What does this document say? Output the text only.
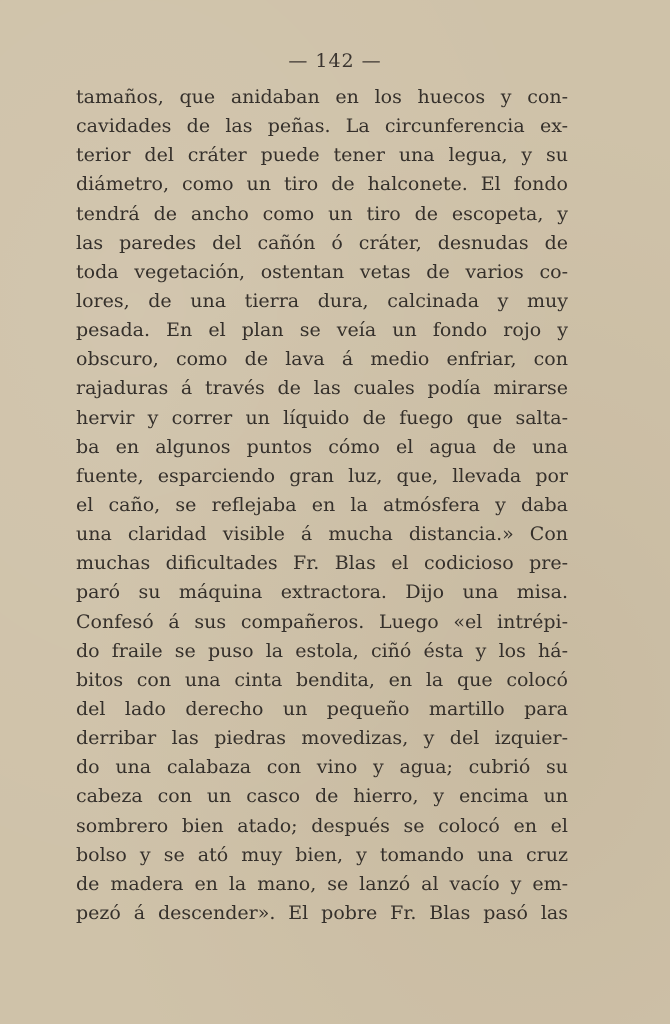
— 142 —
tamaños, que anidaban en los huecos y con-
cavidades de las peñas. La circunferencia ex-
terior del cráter puede tener una legua, y su
diámetro, como un tiro de halconete. El fondo
tendrá de ancho como un tiro de escopeta, y
las paredes del cañón ó cráter, desnudas de
toda vegetación, ostentan vetas de varios co-
lores, de una tierra dura, calcinada y muy
pesada. En el plan se veía un fondo rojo y
obscuro, como de lava á medio enfriar, con
rajaduras á través de las cuales podía mirarse
hervir y correr un líquido de fuego que salta-
ba en algunos puntos cómo el agua de una
fuente, esparciendo gran luz, que, llevada por
el caño, se reflejaba en la atmósfera y daba
una claridad visible á mucha distancia.» Con
muchas dificultades Fr. Blas el codicioso pre-
paró su máquina extractora. Dijo una misa.
Confesó á sus compañeros. Luego «el intrépi-
do fraile se puso la estola, ciñó ésta y los há-
bitos con una cinta bendita, en la que colocó
del lado derecho un pequeño martillo para
derribar las piedras movedizas, y del izquier-
do una calabaza con vino y agua; cubrió su
cabeza con un casco de hierro, y encima un
sombrero bien atado; después se colocó en el
bolso y se ató muy bien, y tomando una cruz
de madera en la mano, se lanzó al vacío y em-
pezó á descender». El pobre Fr. Blas pasó las
